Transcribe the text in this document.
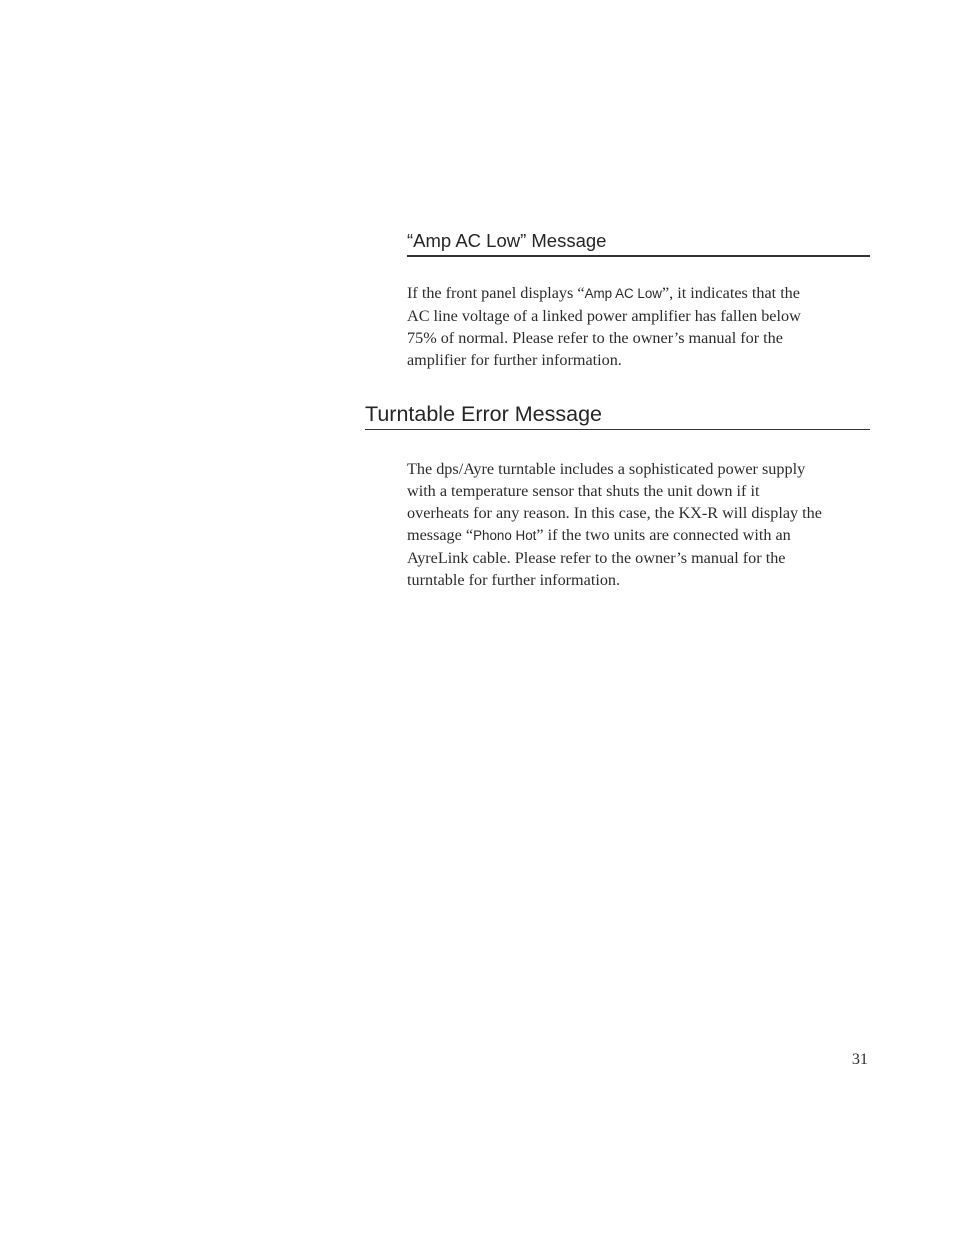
“Amp AC Low” Message

If the front panel displays “Amp AC Low”, it indicates that the
AC line voltage of a linked power amplifier has fallen below
75% of normal. Please refer to the owner’s manual for the
amplifier for further information.

Turntable Error Message

The dps/Ayre turntable includes a sophisticated power supply
with a temperature sensor that shuts the unit down if it
overheats for any reason. In this case, the KX-R will display the
message “Phono Hot” if the two units are connected with an
AyreLink cable. Please refer to the owner’s manual for the
turntable for further information.

31
